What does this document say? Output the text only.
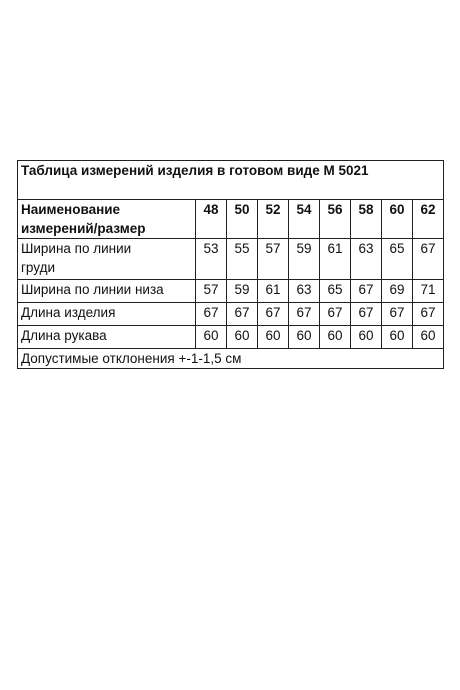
Таблица измерений изделия в готовом виде М 5021								
Наименование
измерений/размер	48	50	52	54	56	58	60	62
Ширина по линии
груди	53	55	57	59	61	63	65	67
Ширина по линии низа	57	59	61	63	65	67	69	71
Длина изделия	67	67	67	67	67	67	67	67
Длина рукава	60	60	60	60	60	60	60	60
Допустимые отклонения +-1-1,5 см								
